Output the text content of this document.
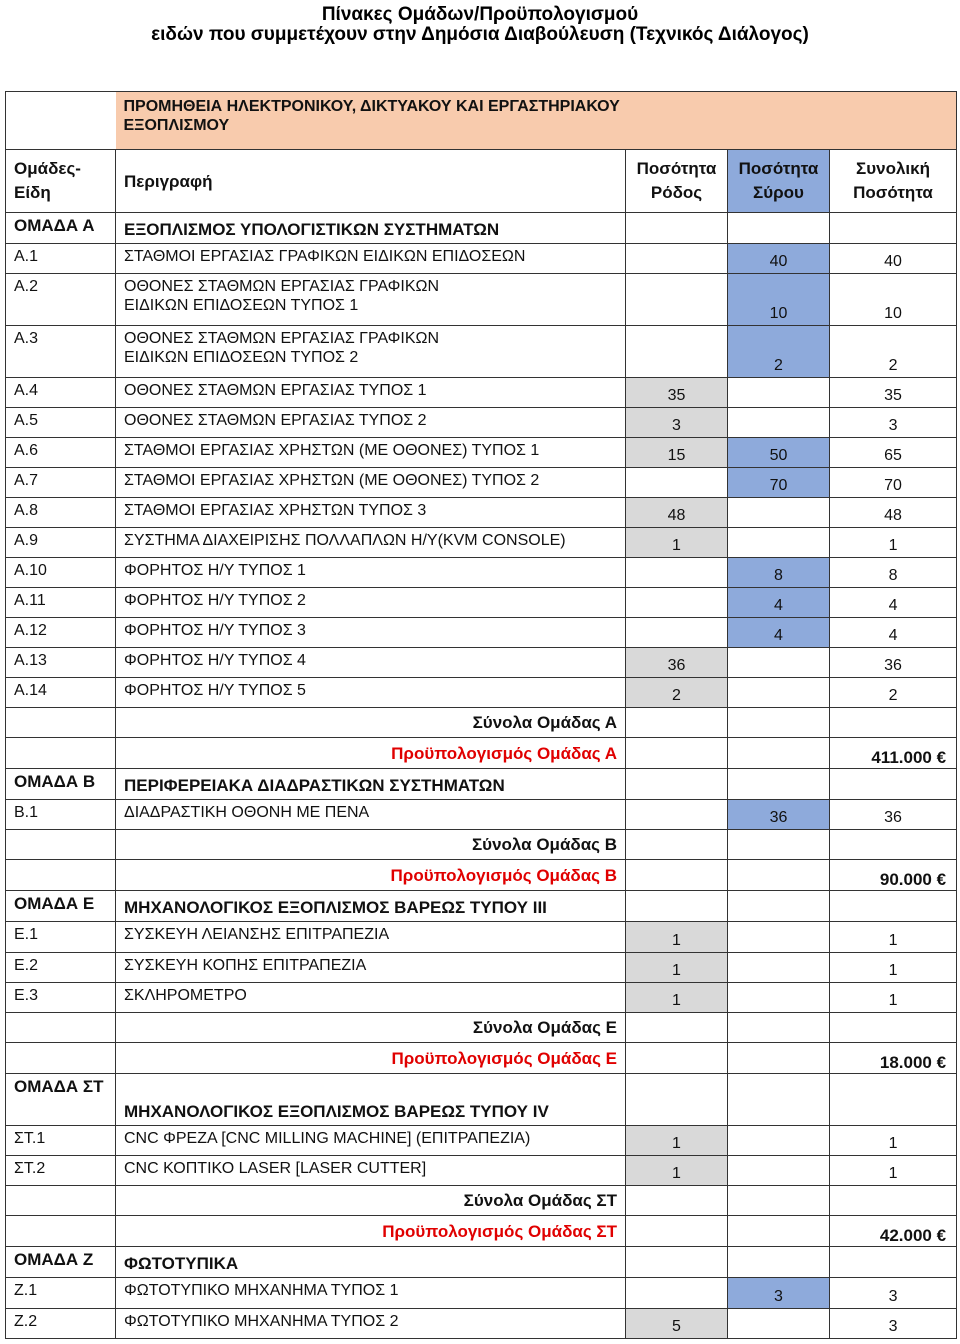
Πίνακες Ομάδων/Προϋπολογισμού
ειδών που συμμετέχουν στην Δημόσια Διαβούλευση (Τεχνικός Διάλογος)
	ΠΡΟΜΗΘΕΙΑ ΗΛΕΚΤΡΟΝΙΚΟΥ, ΔΙΚΤΥΑΚΟΥ ΚΑΙ ΕΡΓΑΣΤΗΡΙΑΚΟΥ ΕΞΟΠΛΙΣΜΟΥ			
Ομάδες-Είδη	Περιγραφή	Ποσότητα Ρόδος	Ποσότητα Σύρου	Συνολική Ποσότητα
ΟΜΑΔΑ Α	ΕΞΟΠΛΙΣΜΟΣ ΥΠΟΛΟΓΙΣΤΙΚΩΝ ΣΥΣΤΗΜΑΤΩΝ			
Α.1	ΣΤΑΘΜΟΙ ΕΡΓΑΣΙΑΣ ΓΡΑΦΙΚΩΝ ΕΙΔΙΚΩΝ ΕΠΙΔΟΣΕΩΝ		40	40
Α.2	ΟΘΟΝΕΣ ΣΤΑΘΜΩΝ ΕΡΓΑΣΙΑΣ ΓΡΑΦΙΚΩΝ ΕΙΔΙΚΩΝ ΕΠΙΔΟΣΕΩΝ ΤΥΠΟΣ 1		10	10
Α.3	ΟΘΟΝΕΣ ΣΤΑΘΜΩΝ ΕΡΓΑΣΙΑΣ ΓΡΑΦΙΚΩΝ ΕΙΔΙΚΩΝ ΕΠΙΔΟΣΕΩΝ ΤΥΠΟΣ 2		2	2
Α.4	ΟΘΟΝΕΣ ΣΤΑΘΜΩΝ ΕΡΓΑΣΙΑΣ ΤΥΠΟΣ 1	35		35
Α.5	ΟΘΟΝΕΣ ΣΤΑΘΜΩΝ ΕΡΓΑΣΙΑΣ ΤΥΠΟΣ 2	3		3
Α.6	ΣΤΑΘΜΟΙ ΕΡΓΑΣΙΑΣ ΧΡΗΣΤΩΝ (ΜΕ ΟΘΟΝΕΣ) ΤΥΠΟΣ 1	15	50	65
Α.7	ΣΤΑΘΜΟΙ ΕΡΓΑΣΙΑΣ ΧΡΗΣΤΩΝ (ΜΕ ΟΘΟΝΕΣ) ΤΥΠΟΣ 2		70	70
Α.8	ΣΤΑΘΜΟΙ ΕΡΓΑΣΙΑΣ ΧΡΗΣΤΩΝ ΤΥΠΟΣ 3	48		48
Α.9	ΣΥΣΤΗΜΑ ΔΙΑΧΕΙΡΙΣΗΣ ΠΟΛΛΑΠΛΩΝ Η/Υ(KVM CONSOLE)	1		1
Α.10	ΦΟΡΗΤΟΣ Η/Υ ΤΥΠΟΣ 1		8	8
Α.11	ΦΟΡΗΤΟΣ Η/Υ ΤΥΠΟΣ 2		4	4
Α.12	ΦΟΡΗΤΟΣ Η/Υ ΤΥΠΟΣ 3		4	4
Α.13	ΦΟΡΗΤΟΣ Η/Υ ΤΥΠΟΣ 4	36		36
Α.14	ΦΟΡΗΤΟΣ Η/Υ ΤΥΠΟΣ 5	2		2
	Σύνολα Ομάδας Α			
	Προϋπολογισμός Ομάδας Α			411.000 €
ΟΜΑΔΑ Β	ΠΕΡΙΦΕΡΕΙΑΚΑ ΔΙΑΔΡΑΣΤΙΚΩΝ ΣΥΣΤΗΜΑΤΩΝ			
Β.1	ΔΙΑΔΡΑΣΤΙΚΗ ΟΘΟΝΗ ΜΕ ΠΕΝΑ		36	36
	Σύνολα Ομάδας Β			
	Προϋπολογισμός Ομάδας Β			90.000 €
ΟΜΑΔΑ Ε	ΜΗΧΑΝΟΛΟΓΙΚΟΣ ΕΞΟΠΛΙΣΜΟΣ ΒΑΡΕΩΣ ΤΥΠΟΥ ΙΙΙ			
Ε.1	ΣΥΣΚΕΥΗ ΛΕΙΑΝΣΗΣ ΕΠΙΤΡΑΠΕΖΙΑ	1		1
Ε.2	ΣΥΣΚΕΥΗ ΚΟΠΗΣ ΕΠΙΤΡΑΠΕΖΙΑ	1		1
Ε.3	ΣΚΛΗΡΟΜΕΤΡΟ	1		1
	Σύνολα Ομάδας Ε			
	Προϋπολογισμός Ομάδας Ε			18.000 €
ΟΜΑΔΑ ΣΤ	ΜΗΧΑΝΟΛΟΓΙΚΟΣ ΕΞΟΠΛΙΣΜΟΣ ΒΑΡΕΩΣ ΤΥΠΟΥ IV			
ΣΤ.1	CNC ΦΡΕΖΑ [CNC MILLING MACHINE] (ΕΠΙΤΡΑΠΕΖΙΑ)	1		1
ΣΤ.2	CNC ΚΟΠΤΙΚΟ LASER [LASER CUTTER]	1		1
	Σύνολα Ομάδας ΣΤ			
	Προϋπολογισμός Ομάδας ΣΤ			42.000 €
ΟΜΑΔΑ Ζ	ΦΩΤΟΤΥΠΙΚΑ			
Ζ.1	ΦΩΤΟΤΥΠΙΚΟ ΜΗΧΑΝΗΜΑ ΤΥΠΟΣ 1		3	3
Ζ.2	ΦΩΤΟΤΥΠΙΚΟ ΜΗΧΑΝΗΜΑ ΤΥΠΟΣ 2	5		3
